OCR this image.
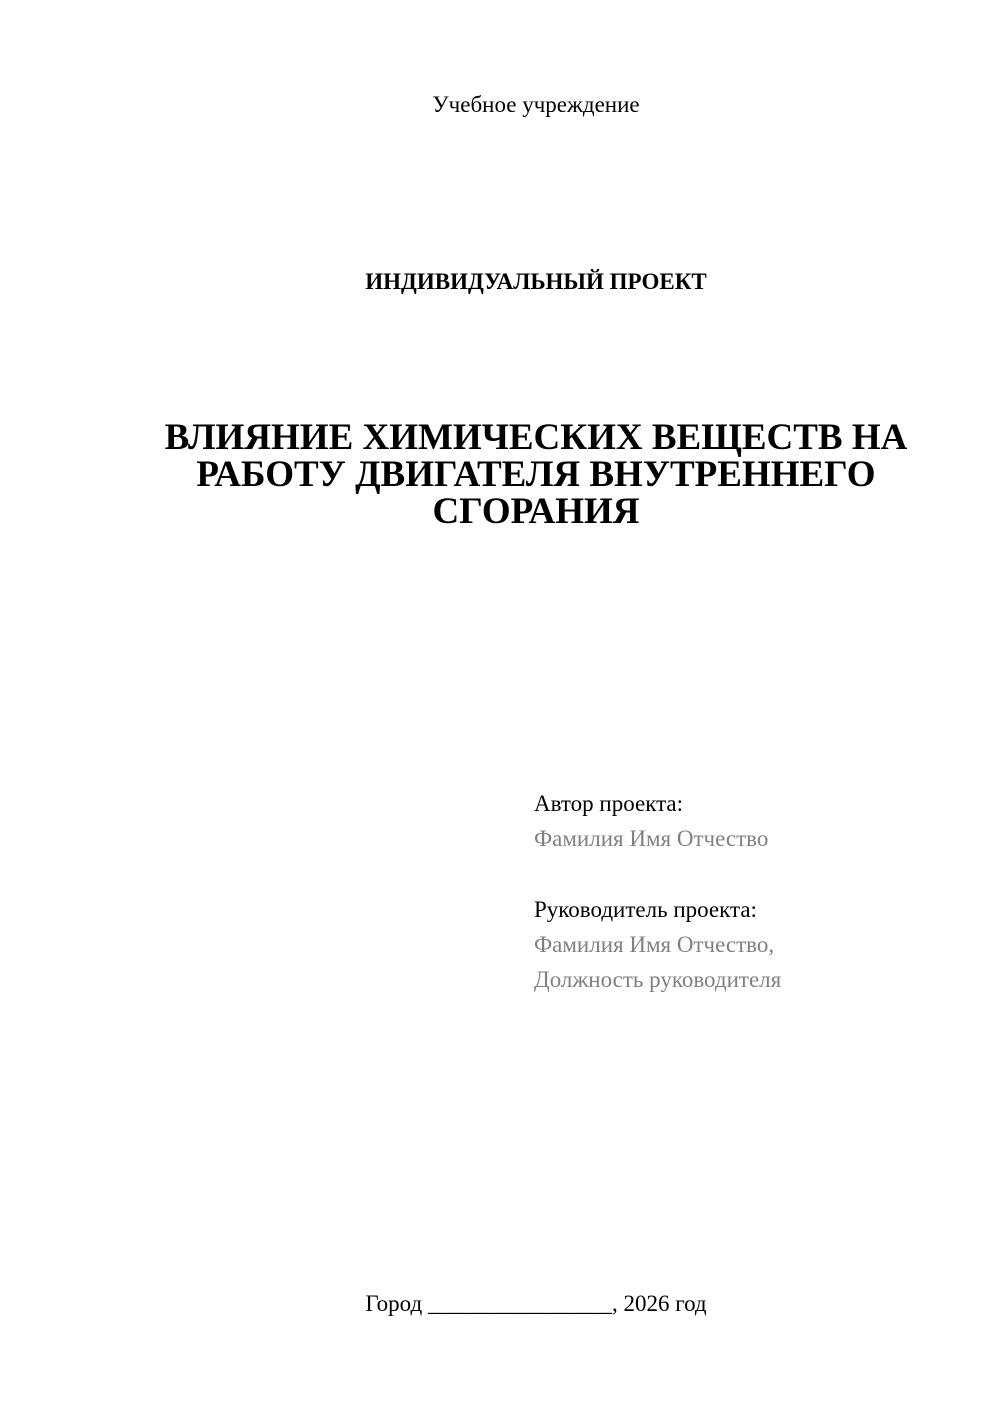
Учебное учреждение
ИНДИВИДУАЛЬНЫЙ ПРОЕКТ
ВЛИЯНИЕ ХИМИЧЕСКИХ ВЕЩЕСТВ НА
РАБОТУ ДВИГАТЕЛЯ ВНУТРЕННЕГО
СГОРАНИЯ
Автор проекта:
Фамилия Имя Отчество
Руководитель проекта:
Фамилия Имя Отчество,
Должность руководителя
Город ________________, 2026 год
